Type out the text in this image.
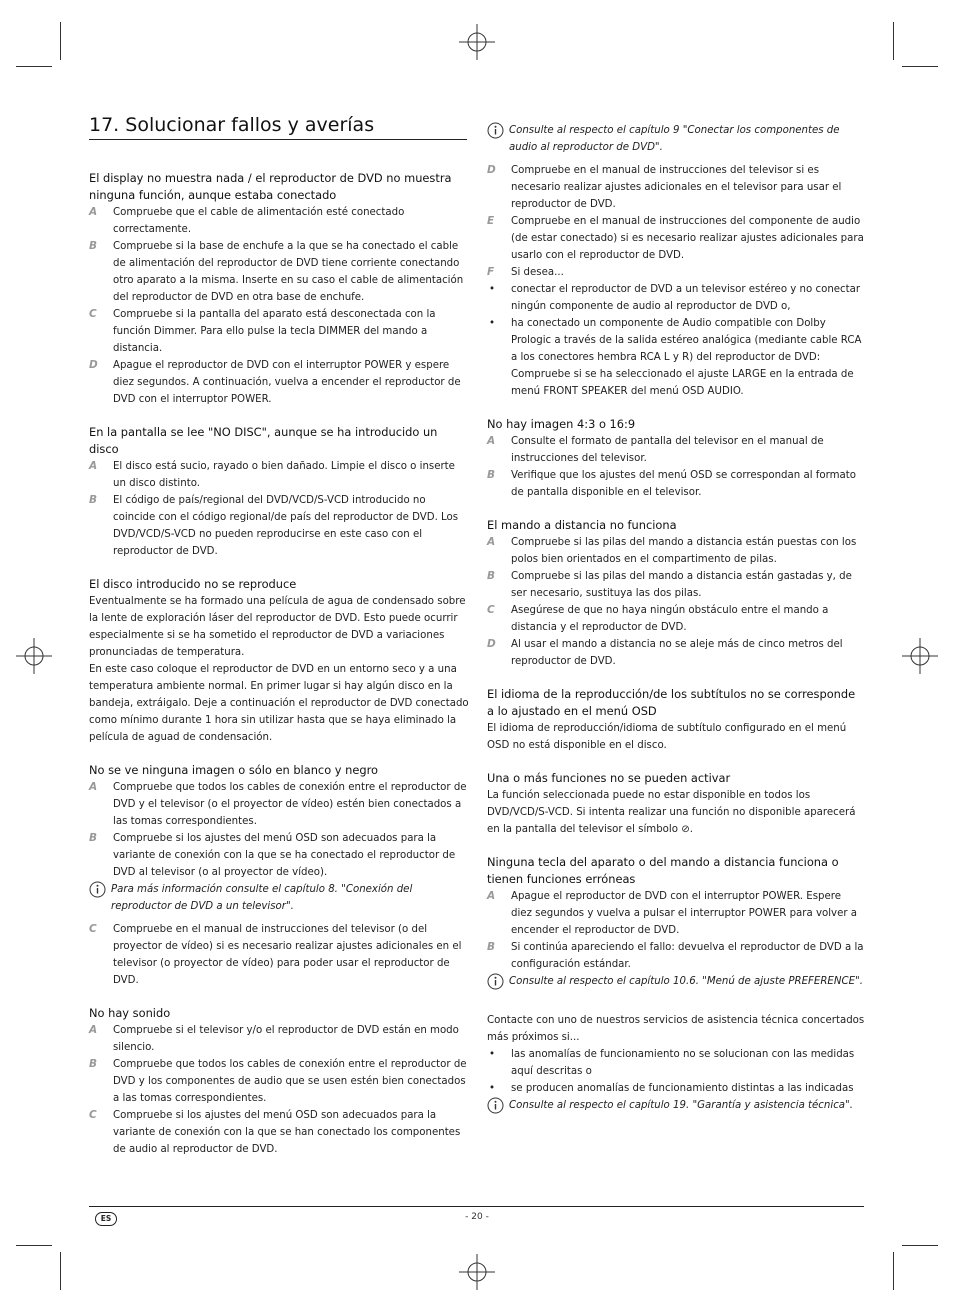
17. Solucionar fallos y averías
El display no muestra nada / el reproductor de DVD no muestra ninguna función, aunque estaba conectado
A	Compruebe que el cable de alimentación esté conectado correctamente.
B	Compruebe si la base de enchufe a la que se ha conectado el cable de alimentación del reproductor de DVD tiene corriente conectando otro aparato a la misma. Inserte en su caso el cable de alimentación del reproductor de DVD en otra base de enchufe.
C	Compruebe si la pantalla del aparato está desconectada con la función Dimmer. Para ello pulse la tecla DIMMER del mando a distancia.
D	Apague el reproductor de DVD con el interruptor POWER y espere diez segundos. A continuación, vuelva a encender el reproductor de DVD con el interruptor POWER.
En la pantalla se lee "NO DISC", aunque se ha introducido un disco
A	El disco está sucio, rayado o bien dañado. Limpie el disco o inserte un disco distinto.
B	El código de país/regional del DVD/VCD/S-VCD introducido no coincide con el código regional/de país del reproductor de DVD. Los DVD/VCD/S-VCD no pueden reproducirse en este caso con el reproductor de DVD.
El disco introducido no se reproduce

Eventualmente se ha formado una película de agua de condensado sobre la lente de exploración láser del reproductor de DVD. Esto puede ocurrir especialmente si se ha sometido el reproductor de DVD a variaciones pronunciadas de temperatura.

En este caso coloque el reproductor de DVD en un entorno seco y a una temperatura ambiente normal. En primer lugar si hay algún disco en la bandeja, extráigalo. Deje a continuación el reproductor de DVD conectado como mínimo durante 1 hora sin utilizar hasta que se haya eliminado la película de aguad de condensación.

No se ve ninguna imagen o sólo en blanco y negro
A	Compruebe que todos los cables de conexión entre el reproductor de DVD y el televisor (o el proyector de vídeo) estén bien conectados a las tomas correspondientes.
B	Compruebe si los ajustes del menú OSD son adecuados para la variante de conexión con la que se ha conectado el reproductor de DVD al televisor (o al proyector de vídeo).
Para más información consulte el capítulo 8. "Conexión del reproductor de DVD a un televisor".
C	Compruebe en el manual de instrucciones del televisor (o del proyector de vídeo) si es necesario realizar ajustes adicionales en el televisor (o proyector de vídeo) para poder usar el reproductor de DVD.
No hay sonido
A	Compruebe si el televisor y/o el reproductor de DVD están en modo silencio.
B	Compruebe que todos los cables de conexión entre el reproductor de DVD y los componentes de audio que se usen estén bien conectados a las tomas correspondientes.
C	Compruebe si los ajustes del menú OSD son adecuados para la variante de conexión con la que se han conectado los componentes de audio al reproductor de DVD.
Consulte al respecto el capítulo 9 "Conectar los componentes de audio al reproductor de DVD".
D	Compruebe en el manual de instrucciones del televisor si es necesario realizar ajustes adicionales en el televisor para usar el reproductor de DVD.
E	Compruebe en el manual de instrucciones del componente de audio (de estar conectado) si es necesario realizar ajustes adicionales para usarlo con el reproductor de DVD.
F	Si desea...
•	conectar el reproductor de DVD a un televisor estéreo y no conectar ningún componente de audio al reproductor de DVD o,
•	ha conectado un componente de Audio compatible con Dolby Prologic a través de la salida estéreo analógica (mediante cable RCA a los conectores hembra RCA L y R) del reproductor de DVD: Compruebe si se ha seleccionado el ajuste LARGE en la entrada de menú FRONT SPEAKER del menú OSD AUDIO.
No hay imagen 4:3 o 16:9
A	Consulte el formato de pantalla del televisor en el manual de instrucciones del televisor.
B	Verifique que los ajustes del menú OSD se correspondan al formato de pantalla disponible en el televisor.
El mando a distancia no funciona
A	Compruebe si las pilas del mando a distancia están puestas con los polos bien orientados en el compartimento de pilas.
B	Compruebe si las pilas del mando a distancia están gastadas y, de ser necesario, sustituya las dos pilas.
C	Asegúrese de que no haya ningún obstáculo entre el mando a distancia y el reproductor de DVD.
D	Al usar el mando a distancia no se aleje más de cinco metros del reproductor de DVD.
El idioma de la reproducción/de los subtítulos no se corresponde a lo ajustado en el menú OSD

El idioma de reproducción/idioma de subtítulo configurado en el menú OSD no está disponible en el disco.

Una o más funciones no se pueden activar

La función seleccionada puede no estar disponible en todos los DVD/VCD/S-VCD. Si intenta realizar una función no disponible aparecerá en la pantalla del televisor el símbolo ⊘.

Ninguna tecla del aparato o del mando a distancia funciona o tienen funciones erróneas
A	Apague el reproductor de DVD con el interruptor POWER. Espere diez segundos y vuelva a pulsar el interruptor POWER para volver a encender el reproductor de DVD.
B	Si continúa apareciendo el fallo: devuelva el reproductor de DVD a la configuración estándar.
Consulte al respecto el capítulo 10.6. "Menú de ajuste PREFERENCE".

Contacte con uno de nuestros servicios de asistencia técnica concertados más próximos si...

•	las anomalías de funcionamiento no se solucionan con las medidas aquí descritas o
•	se producen anomalías de funcionamiento distintas a las indicadas
Consulte al respecto el capítulo 19. "Garantía y asistencia técnica".
ES	- 20 -
